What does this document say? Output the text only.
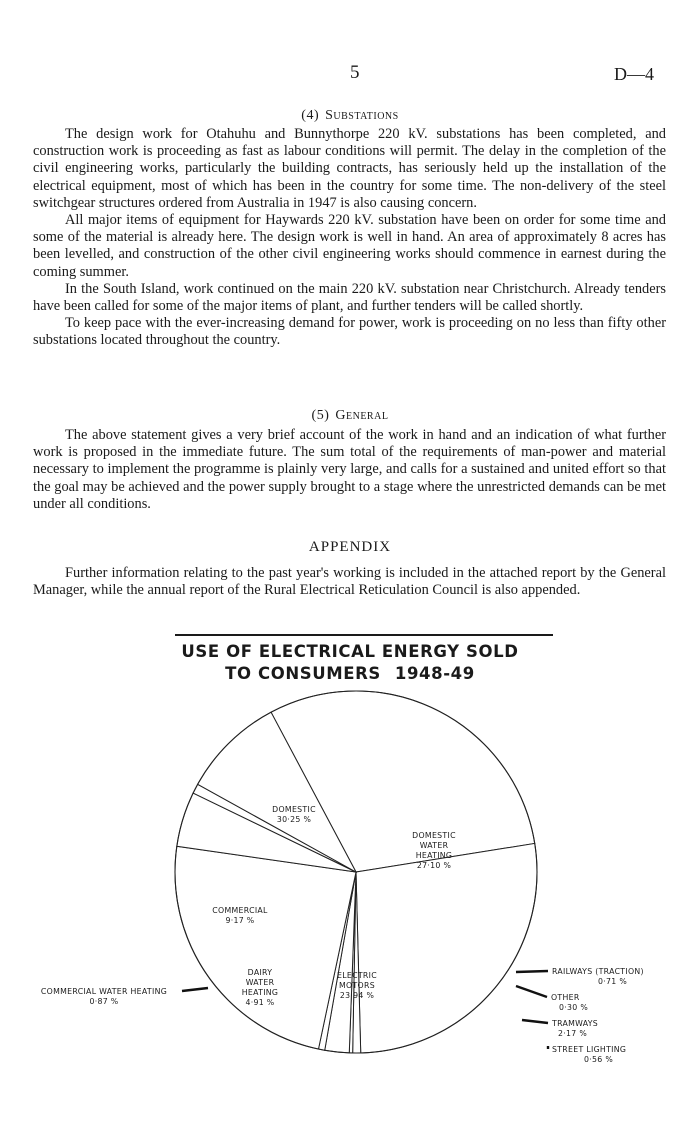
5	D—4
(4) Substations

The design work for Otahuhu and Bunnythorpe 220 kV. substations has been completed, and construction work is proceeding as fast as labour conditions will permit. The delay in the completion of the civil engineering works, particularly the building contracts, has seriously held up the installation of the electrical equipment, most of which has been in the country for some time. The non-delivery of the steel switchgear structures ordered from Australia in 1947 is also causing concern.

All major items of equipment for Haywards 220 kV. substation have been on order for some time and some of the material is already here. The design work is well in hand. An area of approximately 8 acres has been levelled, and construction of the other civil engineering works should commence in earnest during the coming summer.

In the South Island, work continued on the main 220 kV. substation near Christchurch. Already tenders have been called for some of the major items of plant, and further tenders will be called shortly.

To keep pace with the ever-increasing demand for power, work is proceeding on no less than fifty other substations located throughout the country.

(5) General

The above statement gives a very brief account of the work in hand and an indication of what further work is proposed in the immediate future. The sum total of the requirements of man-power and material necessary to implement the programme is plainly very large, and calls for a sustained and united effort so that the goal may be achieved and the power supply brought to a stage where the unrestricted demands can be met under all conditions.

APPENDIX

Further information relating to the past year's working is included in the attached report by the General Manager, while the annual report of the Rural Electrical Reticulation Council is also appended.

USE OF ELECTRICAL ENERGY SOLD
TO CONSUMERS 1948-49
DOMESTIC
30·25 %
DOMESTIC
WATER
HEATING
27·10 %
RAILWAYS (TRACTION)
0·71 %
OTHER
0·30 %
TRAMWAYS
2·17 %
STREET LIGHTING
0·56 %
ELECTRIC
MOTORS
23·94 %
DAIRY
WATER
HEATING
4·91 %
COMMERCIAL WATER HEATING
0·87 %
COMMERCIAL
9·17 %
